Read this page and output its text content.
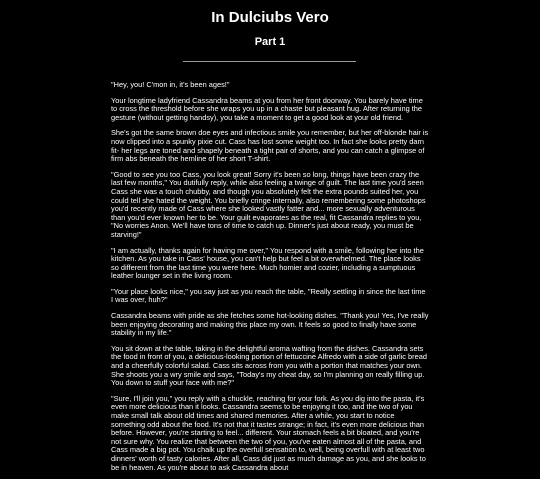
In Dulciubs Vero
Part 1

"Hey, you! C'mon in, it's been ages!"

Your longtime ladyfriend Cassandra beams at you from her front doorway. You barely have time to cross the threshold before she wraps you up in a chaste but pleasant hug. After returning the gesture (without getting handsy), you take a moment to get a good look at your old friend.

She's got the same brown doe eyes and infectious smile you remember, but her off-blonde hair is now clipped into a spunky pixie cut. Cass has lost some weight too. In fact she looks pretty darn fit- her legs are toned and shapely beneath a tight pair of shorts, and you can catch a glimpse of firm abs beneath the hemline of her short T-shirt.

"Good to see you too Cass, you look great! Sorry it's been so long, things have been crazy the last few months," You dutifully reply, while also feeling a twinge of guilt. The last time you'd seen Cass she was a touch chubby, and though you absolutely felt the extra pounds suited her, you could tell she hated the weight. You briefly cringe internally, also remembering some photoshops you'd recently made of Cass where she looked vastly fatter and... more sexually adventurous than you'd ever known her to be. Your guilt evaporates as the real, fit Cassandra replies to you, "No worries Anon. We'll have tons of time to catch up. Dinner's just about ready, you must be starving!"

"I am actually, thanks again for having me over," You respond with a smile, following her into the kitchen. As you take in Cass' house, you can't help but feel a bit overwhelmed. The place looks so different from the last time you were here. Much homier and cozier, including a sumptuous leather lounger set in the living room.

"Your place looks nice," you say just as you reach the table, "Really settling in since the last time I was over, huh?"

Cassandra beams with pride as she fetches some hot-looking dishes. "Thank you! Yes, I've really been enjoying decorating and making this place my own. It feels so good to finally have some stability in my life."

You sit down at the table, taking in the delightful aroma wafting from the dishes. Cassandra sets the food in front of you, a delicious-looking portion of fettuccine Alfredo with a side of garlic bread and a cheerfully colorful salad. Cass sits across from you with a portion that matches your own. She shoots you a wry smile and says, "Today's my cheat day, so I'm planning on really filling up. You down to stuff your face with me?"

"Sure, I'll join you," you reply with a chuckle, reaching for your fork. As you dig into the pasta, it's even more delicious than it looks. Cassandra seems to be enjoying it too, and the two of you make small talk about old times and shared memories. After a while, you start to notice something odd about the food. It's not that it tastes strange; in fact, it's even more delicious than before. However, you're starting to feel... different. Your stomach feels a bit bloated, and you're not sure why. You realize that between the two of you, you've eaten almost all of the pasta, and Cass made a big pot. You chalk up the overfull sensation to, well, being overfull with at least two dinners' worth of tasty calories. After all, Cass did just as much damage as you, and she looks to be in heaven. As you're about to ask Cassandra about
